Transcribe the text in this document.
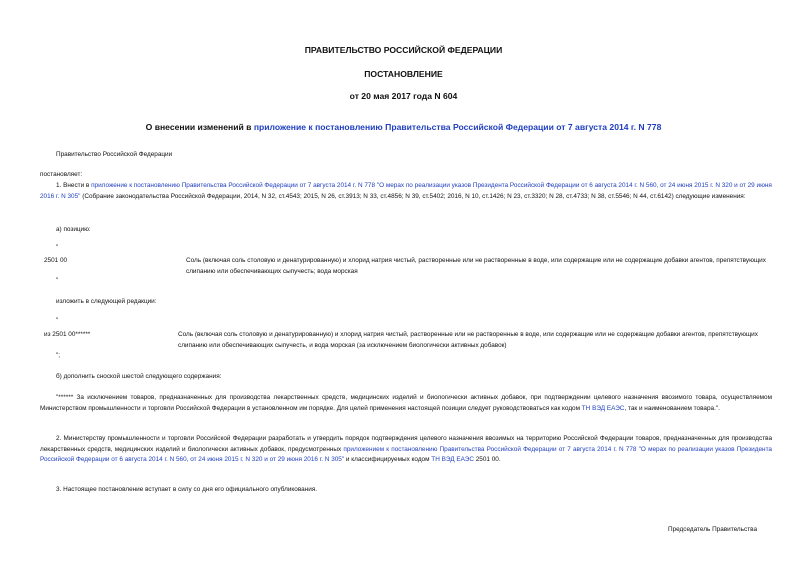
ПРАВИТЕЛЬСТВО РОССИЙСКОЙ ФЕДЕРАЦИИ
ПОСТАНОВЛЕНИЕ
от 20 мая 2017 года N 604
О внесении изменений в приложение к постановлению Правительства Российской Федерации от 7 августа 2014 г. N 778
Правительство Российской Федерации
постановляет:
1. Внести в приложение к постановлению Правительства Российской Федерации от 7 августа 2014 г. N 778 "О мерах по реализации указов Президента Российской Федерации от 6 августа 2014 г. N 560, от 24 июня 2015 г. N 320 и от 29 июня 2016 г. N 305" (Собрание законодательства Российской Федерации, 2014, N 32, ст.4543; 2015, N 26, ст.3913; N 33, ст.4856; N 39, ст.5402; 2016, N 10, ст.1426; N 23, ст.3320; N 28, ст.4733; N 38, ст.5546; N 44, ст.6142) следующие изменения:
а) позицию:
"
2501 00	Соль (включая соль столовую и денатурированную) и хлорид натрия чистый, растворенные или не растворенные в воде, или содержащие или не содержащие добавки агентов, препятствующих слипанию или обеспечивающих сыпучесть; вода морская
"
изложить в следующей редакции:
"
из 2501 00******	Соль (включая соль столовую и денатурированную) и хлорид натрия чистый, растворенные или не растворенные в воде, или содержащие или не содержащие добавки агентов, препятствующих слипанию или обеспечивающих сыпучесть, и вода морская (за исключением биологически активных добавок)
";
б) дополнить сноской шестой следующего содержания:
"****** За исключением товаров, предназначенных для производства лекарственных средств, медицинских изделий и биологически активных добавок, при подтверждении целевого назначения ввозимого товара, осуществляемом Министерством промышленности и торговли Российской Федерации в установленном им порядке. Для целей применения настоящей позиции следует руководствоваться как кодом ТН ВЭД ЕАЭС, так и наименованием товара.".
2. Министерству промышленности и торговли Российской Федерации разработать и утвердить порядок подтверждения целевого назначения ввозимых на территорию Российской Федерации товаров, предназначенных для производства лекарственных средств, медицинских изделий и биологически активных добавок, предусмотренных приложением к постановлению Правительства Российской Федерации от 7 августа 2014 г. N 778 "О мерах по реализации указов Президента Российской Федерации от 6 августа 2014 г. N 560, от 24 июня 2015 г. N 320 и от 29 июня 2016 г. N 305" и классифицируемых кодом ТН ВЭД ЕАЭС 2501 00.
3. Настоящее постановление вступает в силу со дня его официального опубликования.
Председатель Правительства
